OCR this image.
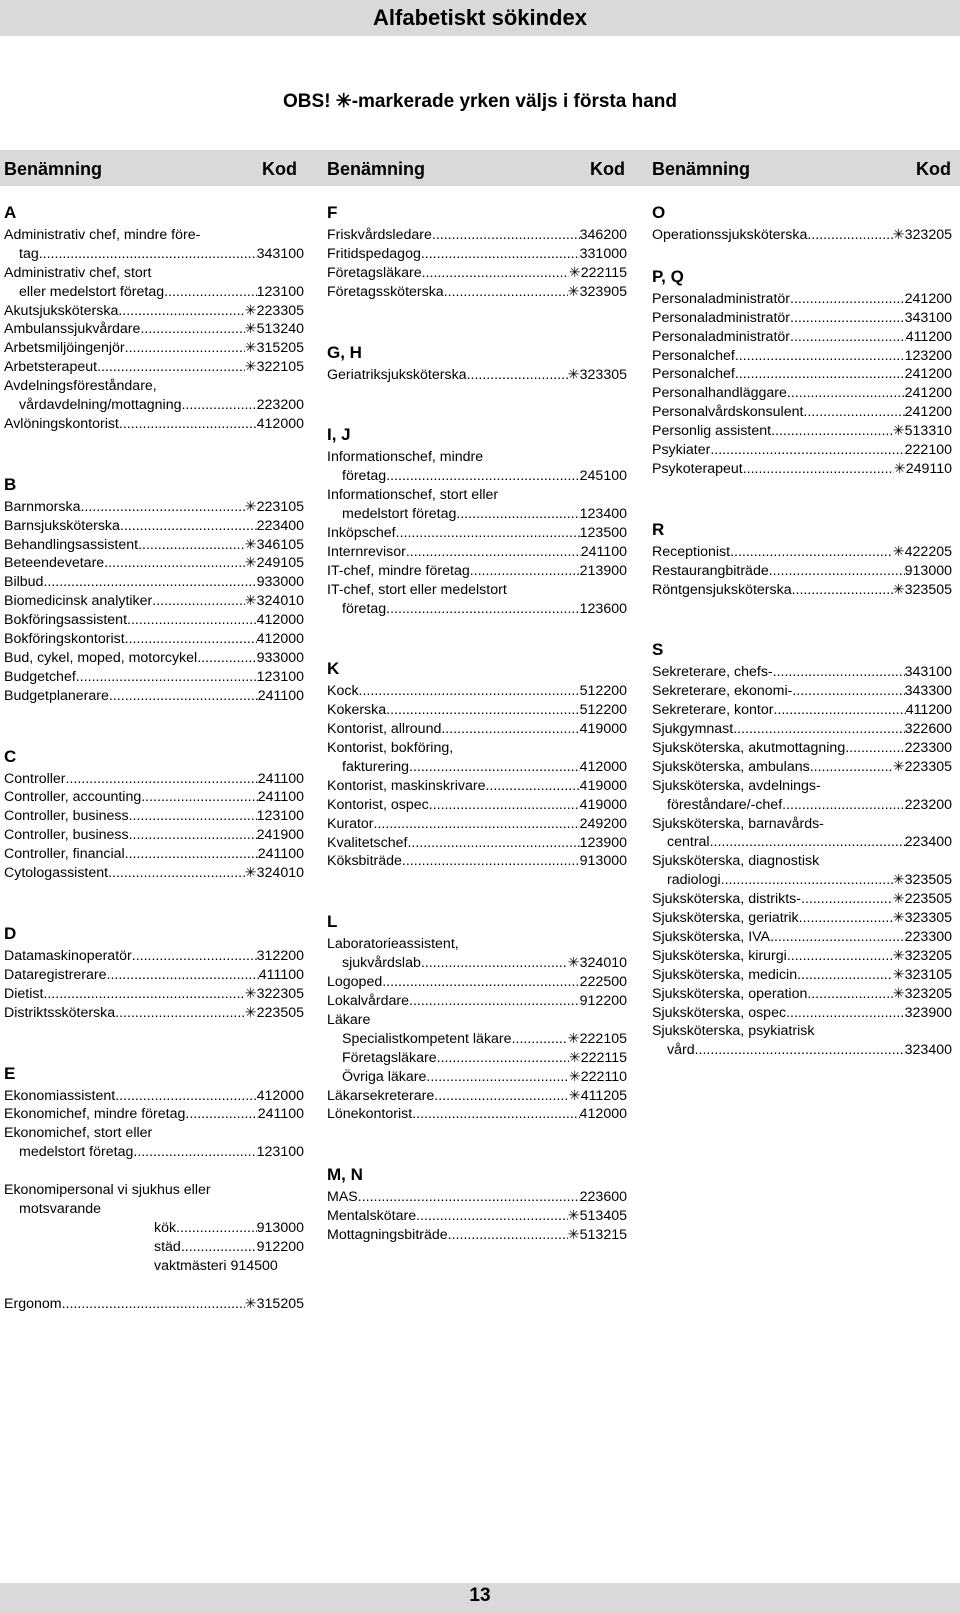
Alfabetiskt sökindex
OBS! ✳-markerade yrken väljs i första hand
Benämning	Kod Benämning	Kod Benämning	Kod
A
Administrativ chef, mindre före-
tag .....	343100
Administrativ chef, stort
eller medelstort företag .....	123100
Akutsjuksköterska .....	✳223305
Ambulanssjukvårdare .....	✳513240
Arbetsmiljöingenjör .....	✳315205
Arbetsterapeut .....	✳322105
Avdelningsföreståndare,
vårdavdelning/mottagning .....	223200
Avlöningskontorist .....	412000
B
Barnmorska .....	✳223105
Barnsjuksköterska .....	223400
Behandlingsassistent .....	✳346105
Beteendevetare .....	✳249105
Bilbud .....	933000
Biomedicinsk analytiker .....	✳324010
Bokföringsassistent .....	412000
Bokföringskontorist .....	412000
Bud, cykel, moped, motorcykel .....	933000
Budgetchef .....	123100
Budgetplanerare .....	241100
C
Controller .....	241100
Controller, accounting .....	241100
Controller, business .....	123100
Controller, business .....	241900
Controller, financial .....	241100
Cytologassistent .....	✳324010
D
Datamaskinoperatör .....	312200
Dataregistrerare .....	411100
Dietist .....	✳322305
Distriktssköterska .....	✳223505
E
Ekonomiassistent .....	412000
Ekonomichef, mindre företag .....	241100
Ekonomichef, stort eller
medelstort företag .....	123100
Ekonomipersonal vi sjukhus eller
motsvarande
kök .....	913000
städ .....	912200
vaktmästeri 914500
Ergonom .....	✳315205
F
Friskvårdsledare .....	346200
Fritidspedagog .....	331000
Företagsläkare .....	✳222115
Företagssköterska .....	✳323905
G, H
Geriatriksjuksköterska .....	✳323305
I, J
Informationschef, mindre
företag .....	245100
Informationschef, stort eller
medelstort företag .....	123400
Inköpschef .....	123500
Internrevisor .....	241100
IT-chef, mindre företag .....	213900
IT-chef, stort eller medelstort
företag .....	123600
K
Kock .....	512200
Kokerska .....	512200
Kontorist, allround .....	419000
Kontorist, bokföring,
fakturering .....	412000
Kontorist, maskinskrivare .....	419000
Kontorist, ospec. .....	419000
Kurator .....	249200
Kvalitetschef .....	123900
Köksbiträde .....	913000
L
Laboratorieassistent,
sjukvårdslab. .....	✳324010
Logoped .....	222500
Lokalvårdare .....	912200
Läkare
Specialistkompetent läkare .....	✳222105
Företagsläkare .....	✳222115
Övriga läkare .....	✳222110
Läkarsekreterare .....	✳411205
Lönekontorist .....	412000
M, N
MAS .....	223600
Mentalskötare .....	✳513405
Mottagningsbiträde .....	✳513215
O
Operationssjuksköterska .....	✳323205
P, Q
Personaladministratör .....	241200
Personaladministratör .....	343100
Personaladministratör .....	411200
Personalchef .....	123200
Personalchef .....	241200
Personalhandläggare .....	241200
Personalvårdskonsulent .....	241200
Personlig assistent .....	✳513310
Psykiater .....	222100
Psykoterapeut .....	✳249110
R
Receptionist .....	✳422205
Restaurangbiträde .....	913000
Röntgensjuksköterska .....	✳323505
S
Sekreterare, chefs- .....	343100
Sekreterare, ekonomi- .....	343300
Sekreterare, kontor .....	411200
Sjukgymnast .....	322600
Sjuksköterska, akutmottagning .....	223300
Sjuksköterska, ambulans .....	✳223305
Sjuksköterska, avdelnings-
föreståndare/-chef .....	223200
Sjuksköterska, barnavårds-
central .....	223400
Sjuksköterska, diagnostisk
radiologi .....	✳323505
Sjuksköterska, distrikts- .....	✳223505
Sjuksköterska, geriatrik .....	✳323305
Sjuksköterska, IVA .....	223300
Sjuksköterska, kirurgi .....	✳323205
Sjuksköterska, medicin .....	✳323105
Sjuksköterska, operation .....	✳323205
Sjuksköterska, ospec .....	323900
Sjuksköterska, psykiatrisk
vård .....	323400
13
